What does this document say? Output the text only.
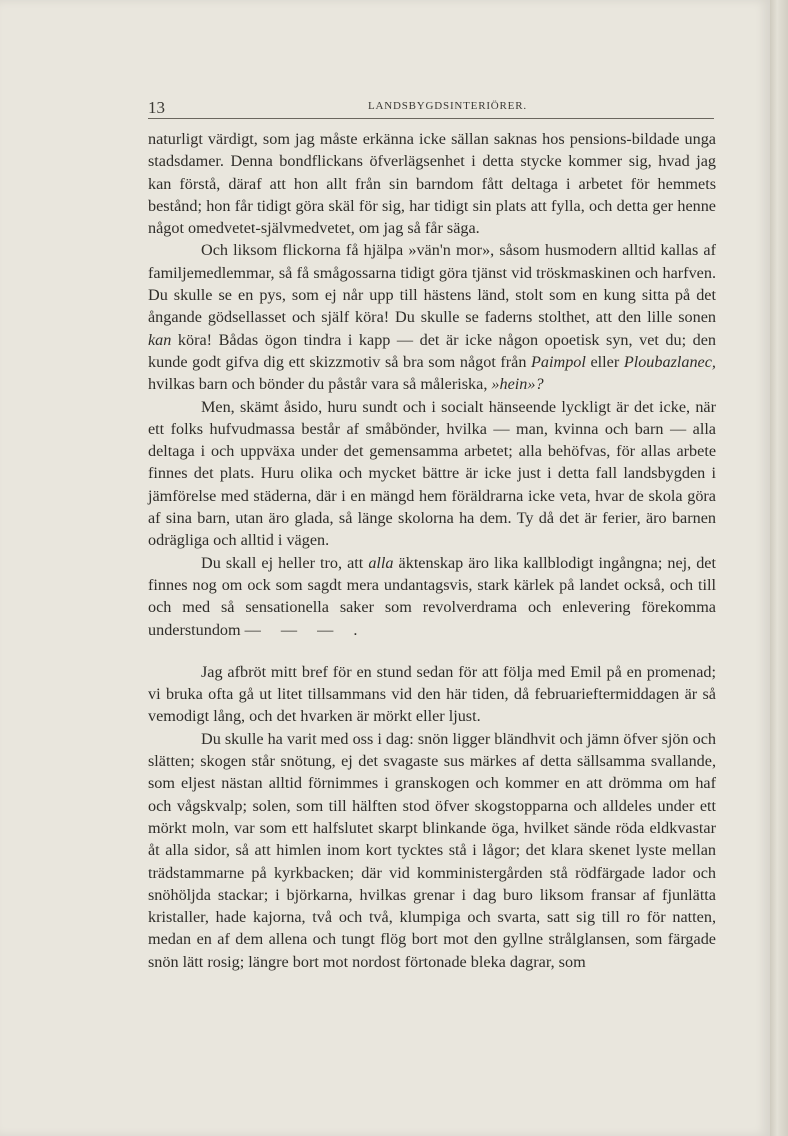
13	LANDSBYGDSINTERIÖRER.

naturligt värdigt, som jag måste erkänna icke sällan saknas hos pensions-bildade unga stadsdamer. Denna bondflickans öfverlägsenhet i detta stycke kommer sig, hvad jag kan förstå, däraf att hon allt från sin barndom fått deltaga i arbetet för hemmets bestånd; hon får tidigt göra skäl för sig, har tidigt sin plats att fylla, och detta ger henne något omedvetet-självmedvetet, om jag så får säga.

Och liksom flickorna få hjälpa »vän'n mor», såsom husmodern alltid kallas af familjemedlemmar, så få smågossarna tidigt göra tjänst vid tröskmaskinen och harfven. Du skulle se en pys, som ej når upp till hästens länd, stolt som en kung sitta på det ångande gödsellasset och själf köra! Du skulle se faderns stolthet, att den lille sonen kan köra! Bådas ögon tindra i kapp — det är icke någon opoetisk syn, vet du; den kunde godt gifva dig ett skizzmotiv så bra som något från Paimpol eller Ploubazlanec, hvilkas barn och bönder du påstår vara så måleriska, »hein»?

Men, skämt åsido, huru sundt och i socialt hänseende lyckligt är det icke, när ett folks hufvudmassa består af småbönder, hvilka — man, kvinna och barn — alla deltaga i och uppväxa under det gemensamma arbetet; alla behöfvas, för allas arbete finnes det plats. Huru olika och mycket bättre är icke just i detta fall landsbygden i jämförelse med städerna, där i en mängd hem föräldrarna icke veta, hvar de skola göra af sina barn, utan äro glada, så länge skolorna ha dem. Ty då det är ferier, äro barnen odrägliga och alltid i vägen.

Du skall ej heller tro, att alla äktenskap äro lika kallblodigt ingångna; nej, det finnes nog om ock som sagdt mera undantagsvis, stark kärlek på landet också, och till och med så sensationella saker som revolverdrama och enlevering förekomma understundom — — — .

Jag afbröt mitt bref för en stund sedan för att följa med Emil på en promenad; vi bruka ofta gå ut litet tillsammans vid den här tiden, då februarieftermiddagen är så vemodigt lång, och det hvarken är mörkt eller ljust.

Du skulle ha varit med oss i dag: snön ligger bländhvit och jämn öfver sjön och slätten; skogen står snötung, ej det svagaste sus märkes af detta sällsamma svallande, som eljest nästan alltid förnimmes i granskogen och kommer en att drömma om haf och vågskvalp; solen, som till hälften stod öfver skogstopparna och alldeles under ett mörkt moln, var som ett halfslutet skarpt blinkande öga, hvilket sände röda eldkvastar åt alla sidor, så att himlen inom kort tycktes stå i lågor; det klara skenet lyste mellan trädstammarne på kyrkbacken; där vid komministergården stå rödfärgade lador och snöhöljda stackar; i björkarna, hvilkas grenar i dag buro liksom fransar af fjunlätta kristaller, hade kajorna, två och två, klumpiga och svarta, satt sig till ro för natten, medan en af dem allena och tungt flög bort mot den gyllne strålglansen, som färgade snön lätt rosig; längre bort mot nordost förtonade bleka dagrar, som
